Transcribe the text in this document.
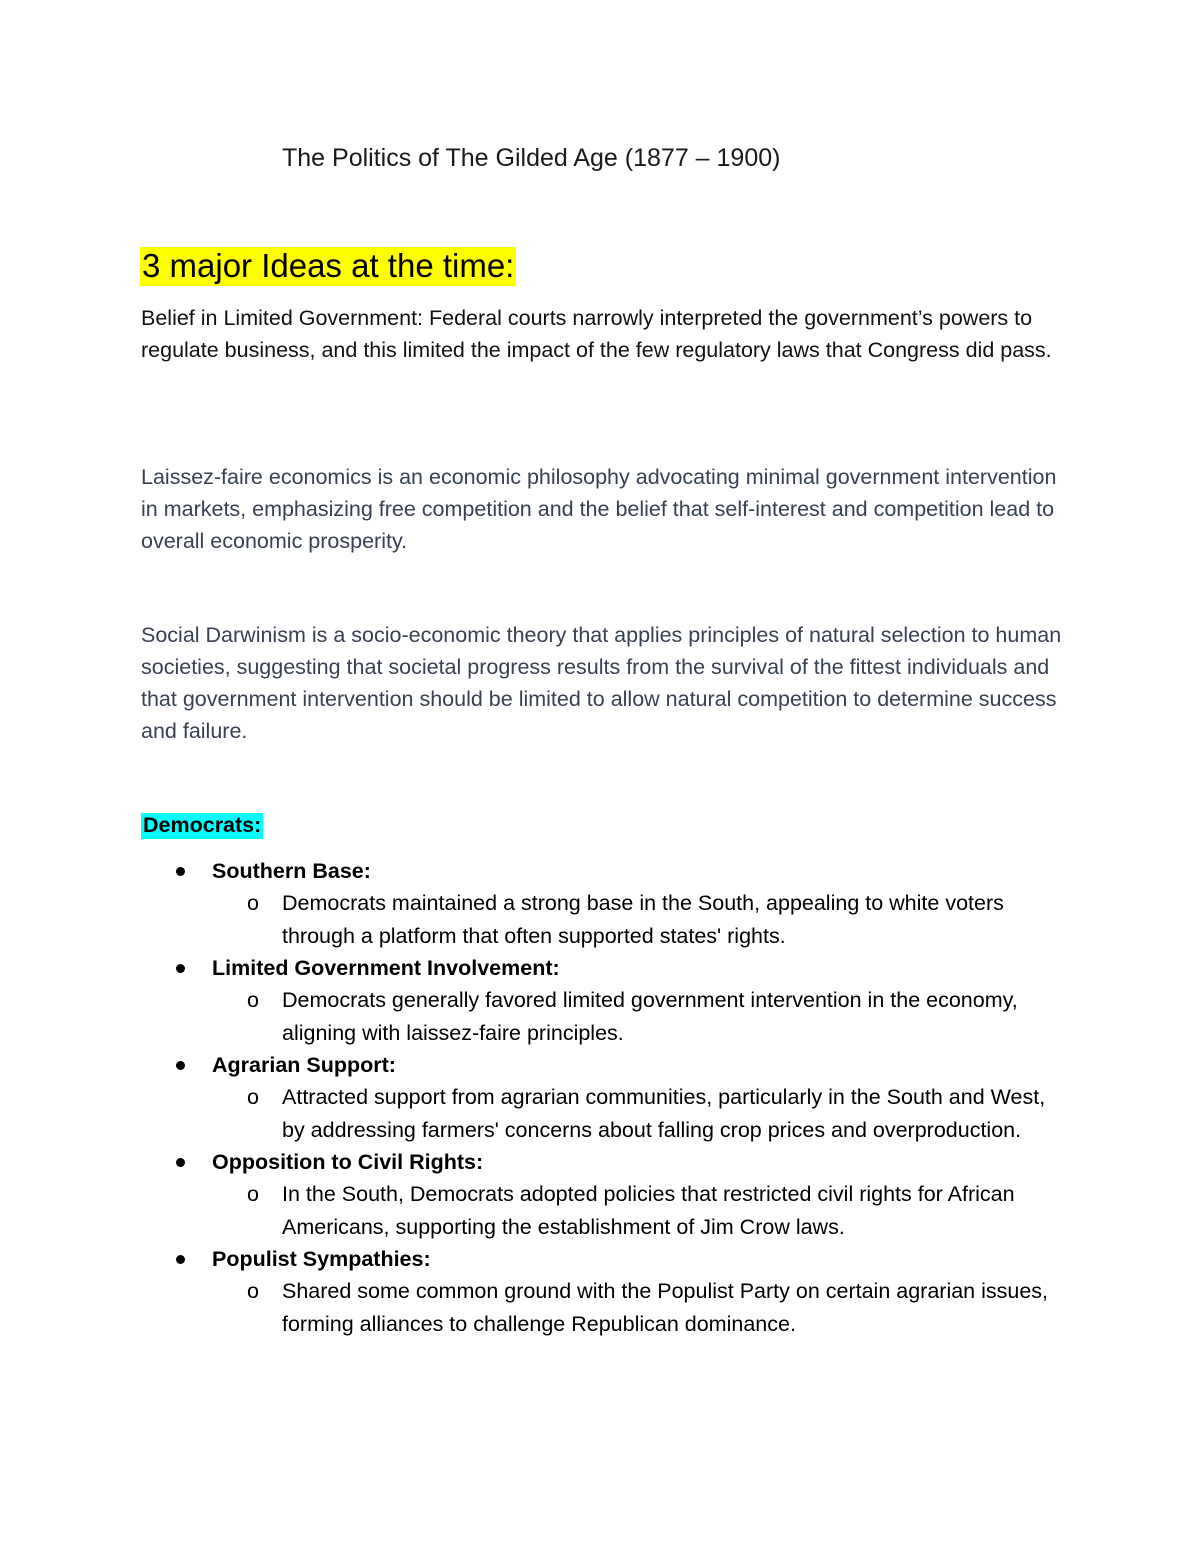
The Politics of The Gilded Age (1877 – 1900)
3 major Ideas at the time:

Belief in Limited Government: Federal courts narrowly interpreted the government’s powers to regulate business, and this limited the impact of the few regulatory laws that Congress did pass.

Laissez-faire economics is an economic philosophy advocating minimal government intervention in markets, emphasizing free competition and the belief that self-interest and competition lead to overall economic prosperity.

Social Darwinism is a socio-economic theory that applies principles of natural selection to human societies, suggesting that societal progress results from the survival of the fittest individuals and that government intervention should be limited to allow natural competition to determine success and failure.

Democrats:
Southern Base:
o Democrats maintained a strong base in the South, appealing to white voters through a platform that often supported states' rights.
Limited Government Involvement:
o Democrats generally favored limited government intervention in the economy, aligning with laissez-faire principles.
Agrarian Support:
o Attracted support from agrarian communities, particularly in the South and West, by addressing farmers' concerns about falling crop prices and overproduction.
Opposition to Civil Rights:
o In the South, Democrats adopted policies that restricted civil rights for African Americans, supporting the establishment of Jim Crow laws.
Populist Sympathies:
o Shared some common ground with the Populist Party on certain agrarian issues, forming alliances to challenge Republican dominance.
